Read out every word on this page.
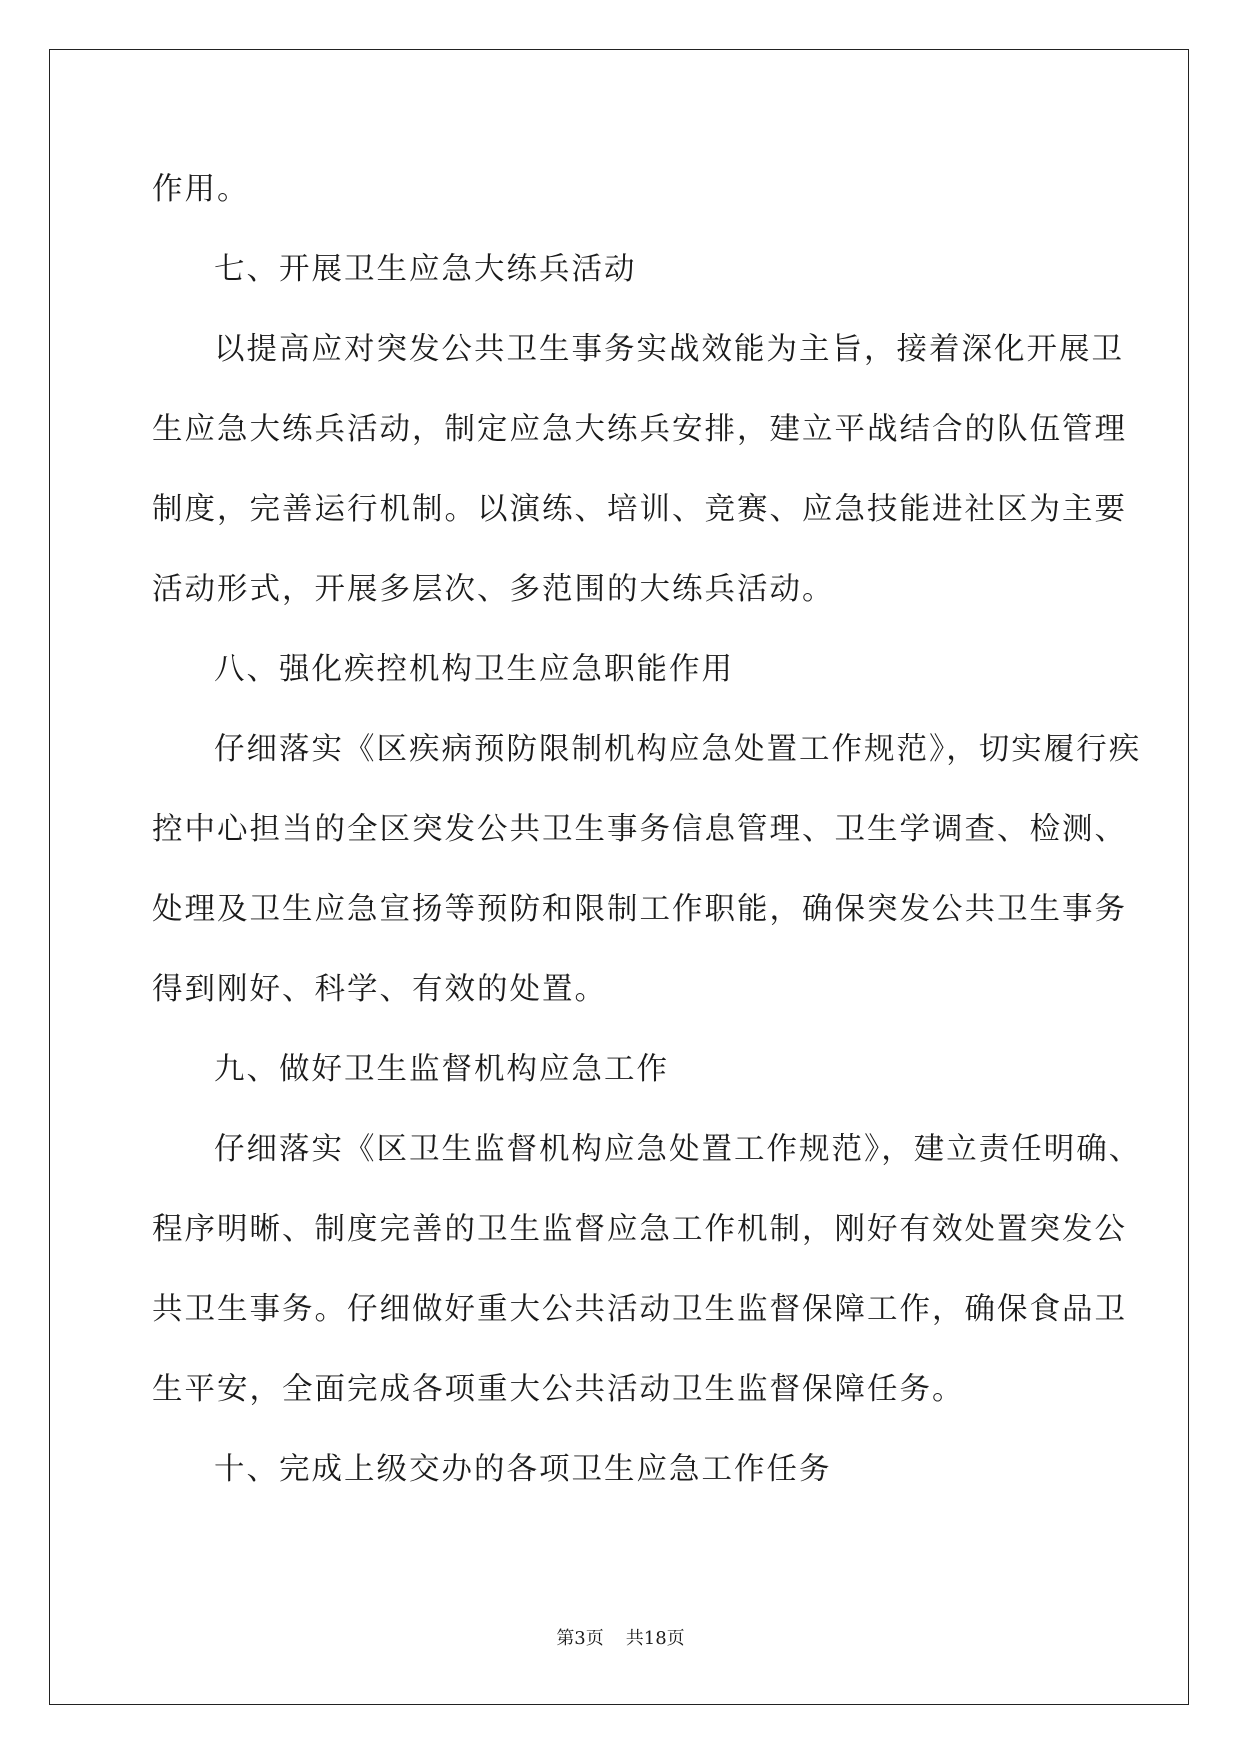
作用。
七、开展卫生应急大练兵活动
以提高应对突发公共卫生事务实战效能为主旨，接着深化开展卫
生应急大练兵活动，制定应急大练兵安排，建立平战结合的队伍管理
制度，完善运行机制。以演练、培训、竞赛、应急技能进社区为主要
活动形式，开展多层次、多范围的大练兵活动。
八、强化疾控机构卫生应急职能作用
仔细落实《区疾病预防限制机构应急处置工作规范》，切实履行疾
控中心担当的全区突发公共卫生事务信息管理、卫生学调查、检测、
处理及卫生应急宣扬等预防和限制工作职能，确保突发公共卫生事务
得到刚好、科学、有效的处置。
九、做好卫生监督机构应急工作
仔细落实《区卫生监督机构应急处置工作规范》，建立责任明确、
程序明晰、制度完善的卫生监督应急工作机制，刚好有效处置突发公
共卫生事务。仔细做好重大公共活动卫生监督保障工作，确保食品卫
生平安，全面完成各项重大公共活动卫生监督保障任务。
十、完成上级交办的各项卫生应急工作任务
第3页 共18页
